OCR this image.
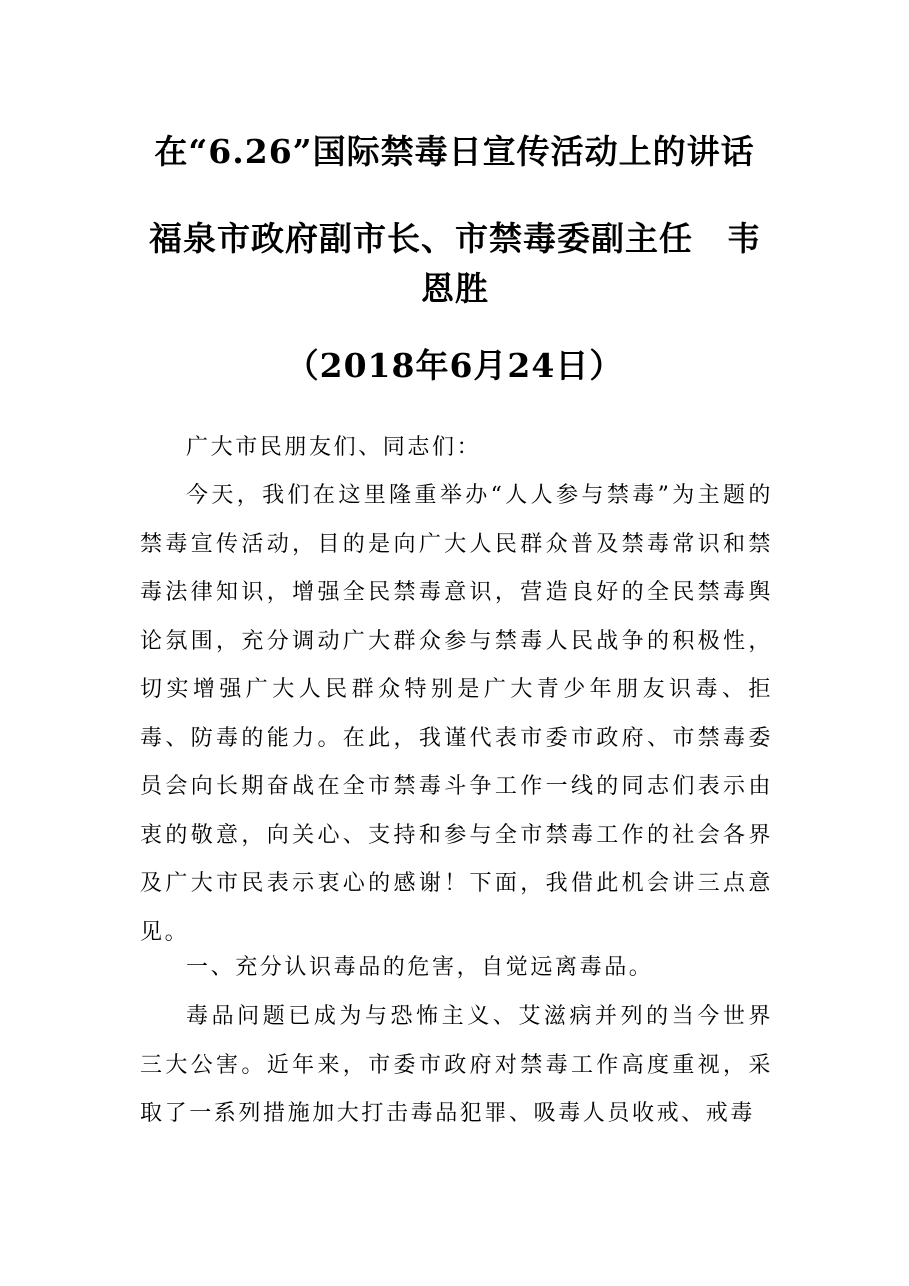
在“6.26”国际禁毒日宣传活动上的讲话
福泉市政府副市长、市禁毒委副主任　韦恩胜
（2018年6月24日）

广大市民朋友们、同志们：

今天，我们在这里隆重举办“人人参与禁毒”为主题的禁毒宣传活动，目的是向广大人民群众普及禁毒常识和禁毒法律知识，增强全民禁毒意识，营造良好的全民禁毒舆论氛围，充分调动广大群众参与禁毒人民战争的积极性，切实增强广大人民群众特别是广大青少年朋友识毒、拒毒、防毒的能力。在此，我谨代表市委市政府、市禁毒委员会向长期奋战在全市禁毒斗争工作一线的同志们表示由衷的敬意，向关心、支持和参与全市禁毒工作的社会各界及广大市民表示衷心的感谢！下面，我借此机会讲三点意见。

一、充分认识毒品的危害，自觉远离毒品。

毒品问题已成为与恐怖主义、艾滋病并列的当今世界三大公害。近年来，市委市政府对禁毒工作高度重视，采取了一系列措施加大打击毒品犯罪、吸毒人员收戒、戒毒
